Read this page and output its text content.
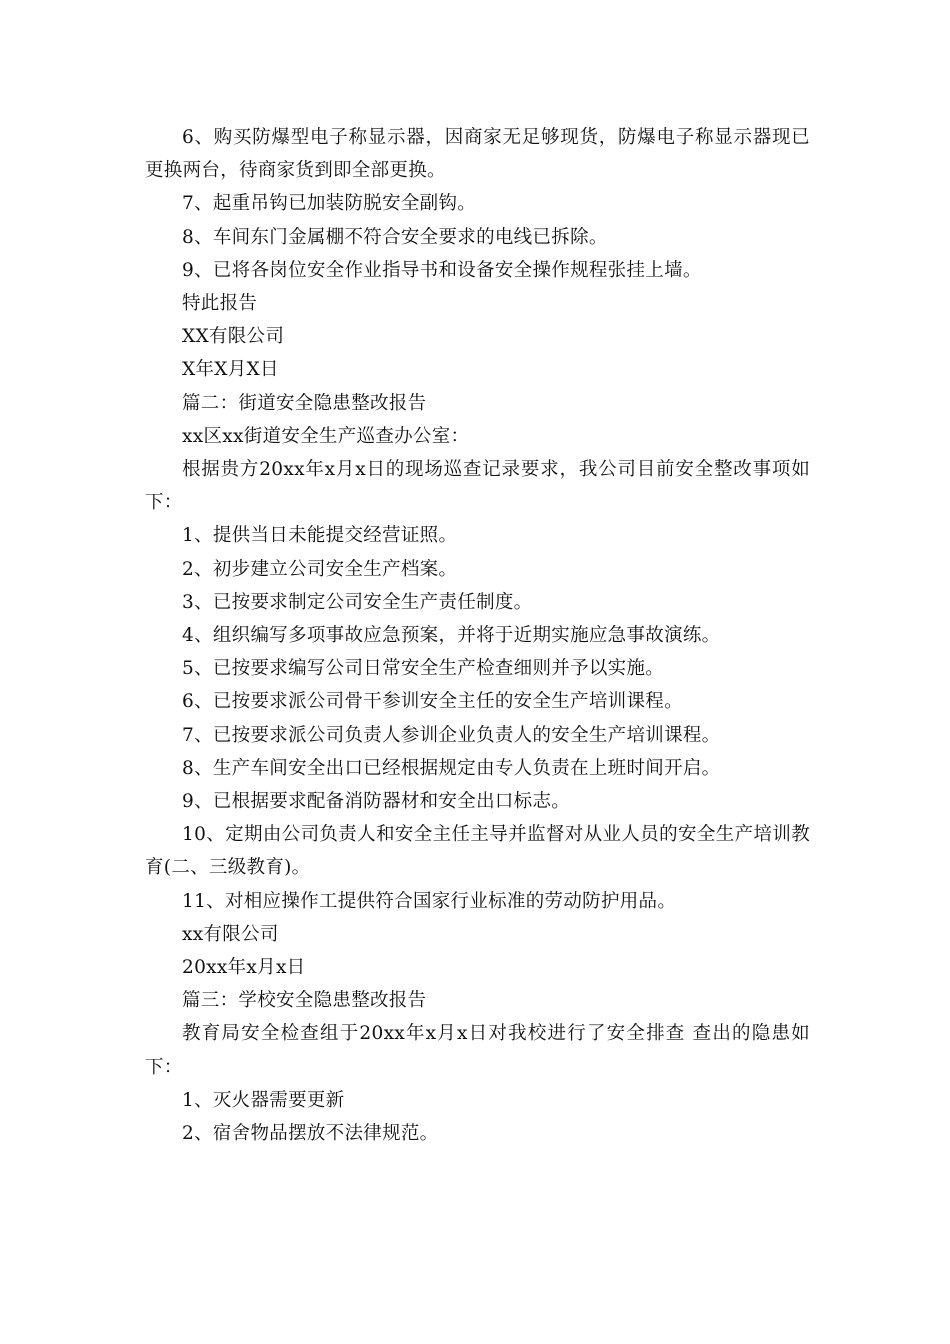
6、购买防爆型电子称显示器，因商家无足够现货，防爆电子称显示器现已更换两台，待商家货到即全部更换。

7、起重吊钩已加装防脱安全副钩。

8、车间东门金属棚不符合安全要求的电线已拆除。

9、已将各岗位安全作业指导书和设备安全操作规程张挂上墙。

特此报告

XX有限公司

X年X月X日

篇二：街道安全隐患整改报告

xx区xx街道安全生产巡查办公室：

根据贵方20xx年x月x日的现场巡查记录要求，我公司目前安全整改事项如下：

1、提供当日未能提交经营证照。

2、初步建立公司安全生产档案。

3、已按要求制定公司安全生产责任制度。

4、组织编写多项事故应急预案，并将于近期实施应急事故演练。

5、已按要求编写公司日常安全生产检查细则并予以实施。

6、已按要求派公司骨干参训安全主任的安全生产培训课程。

7、已按要求派公司负责人参训企业负责人的安全生产培训课程。

8、生产车间安全出口已经根据规定由专人负责在上班时间开启。

9、已根据要求配备消防器材和安全出口标志。

10、定期由公司负责人和安全主任主导并监督对从业人员的安全生产培训教育(二、三级教育)。

11、对相应操作工提供符合国家行业标准的劳动防护用品。

xx有限公司

20xx年x月x日

篇三：学校安全隐患整改报告

教育局安全检查组于20xx年x月x日对我校进行了安全排查 查出的隐患如下：

1、灭火器需要更新

2、宿舍物品摆放不法律规范。
